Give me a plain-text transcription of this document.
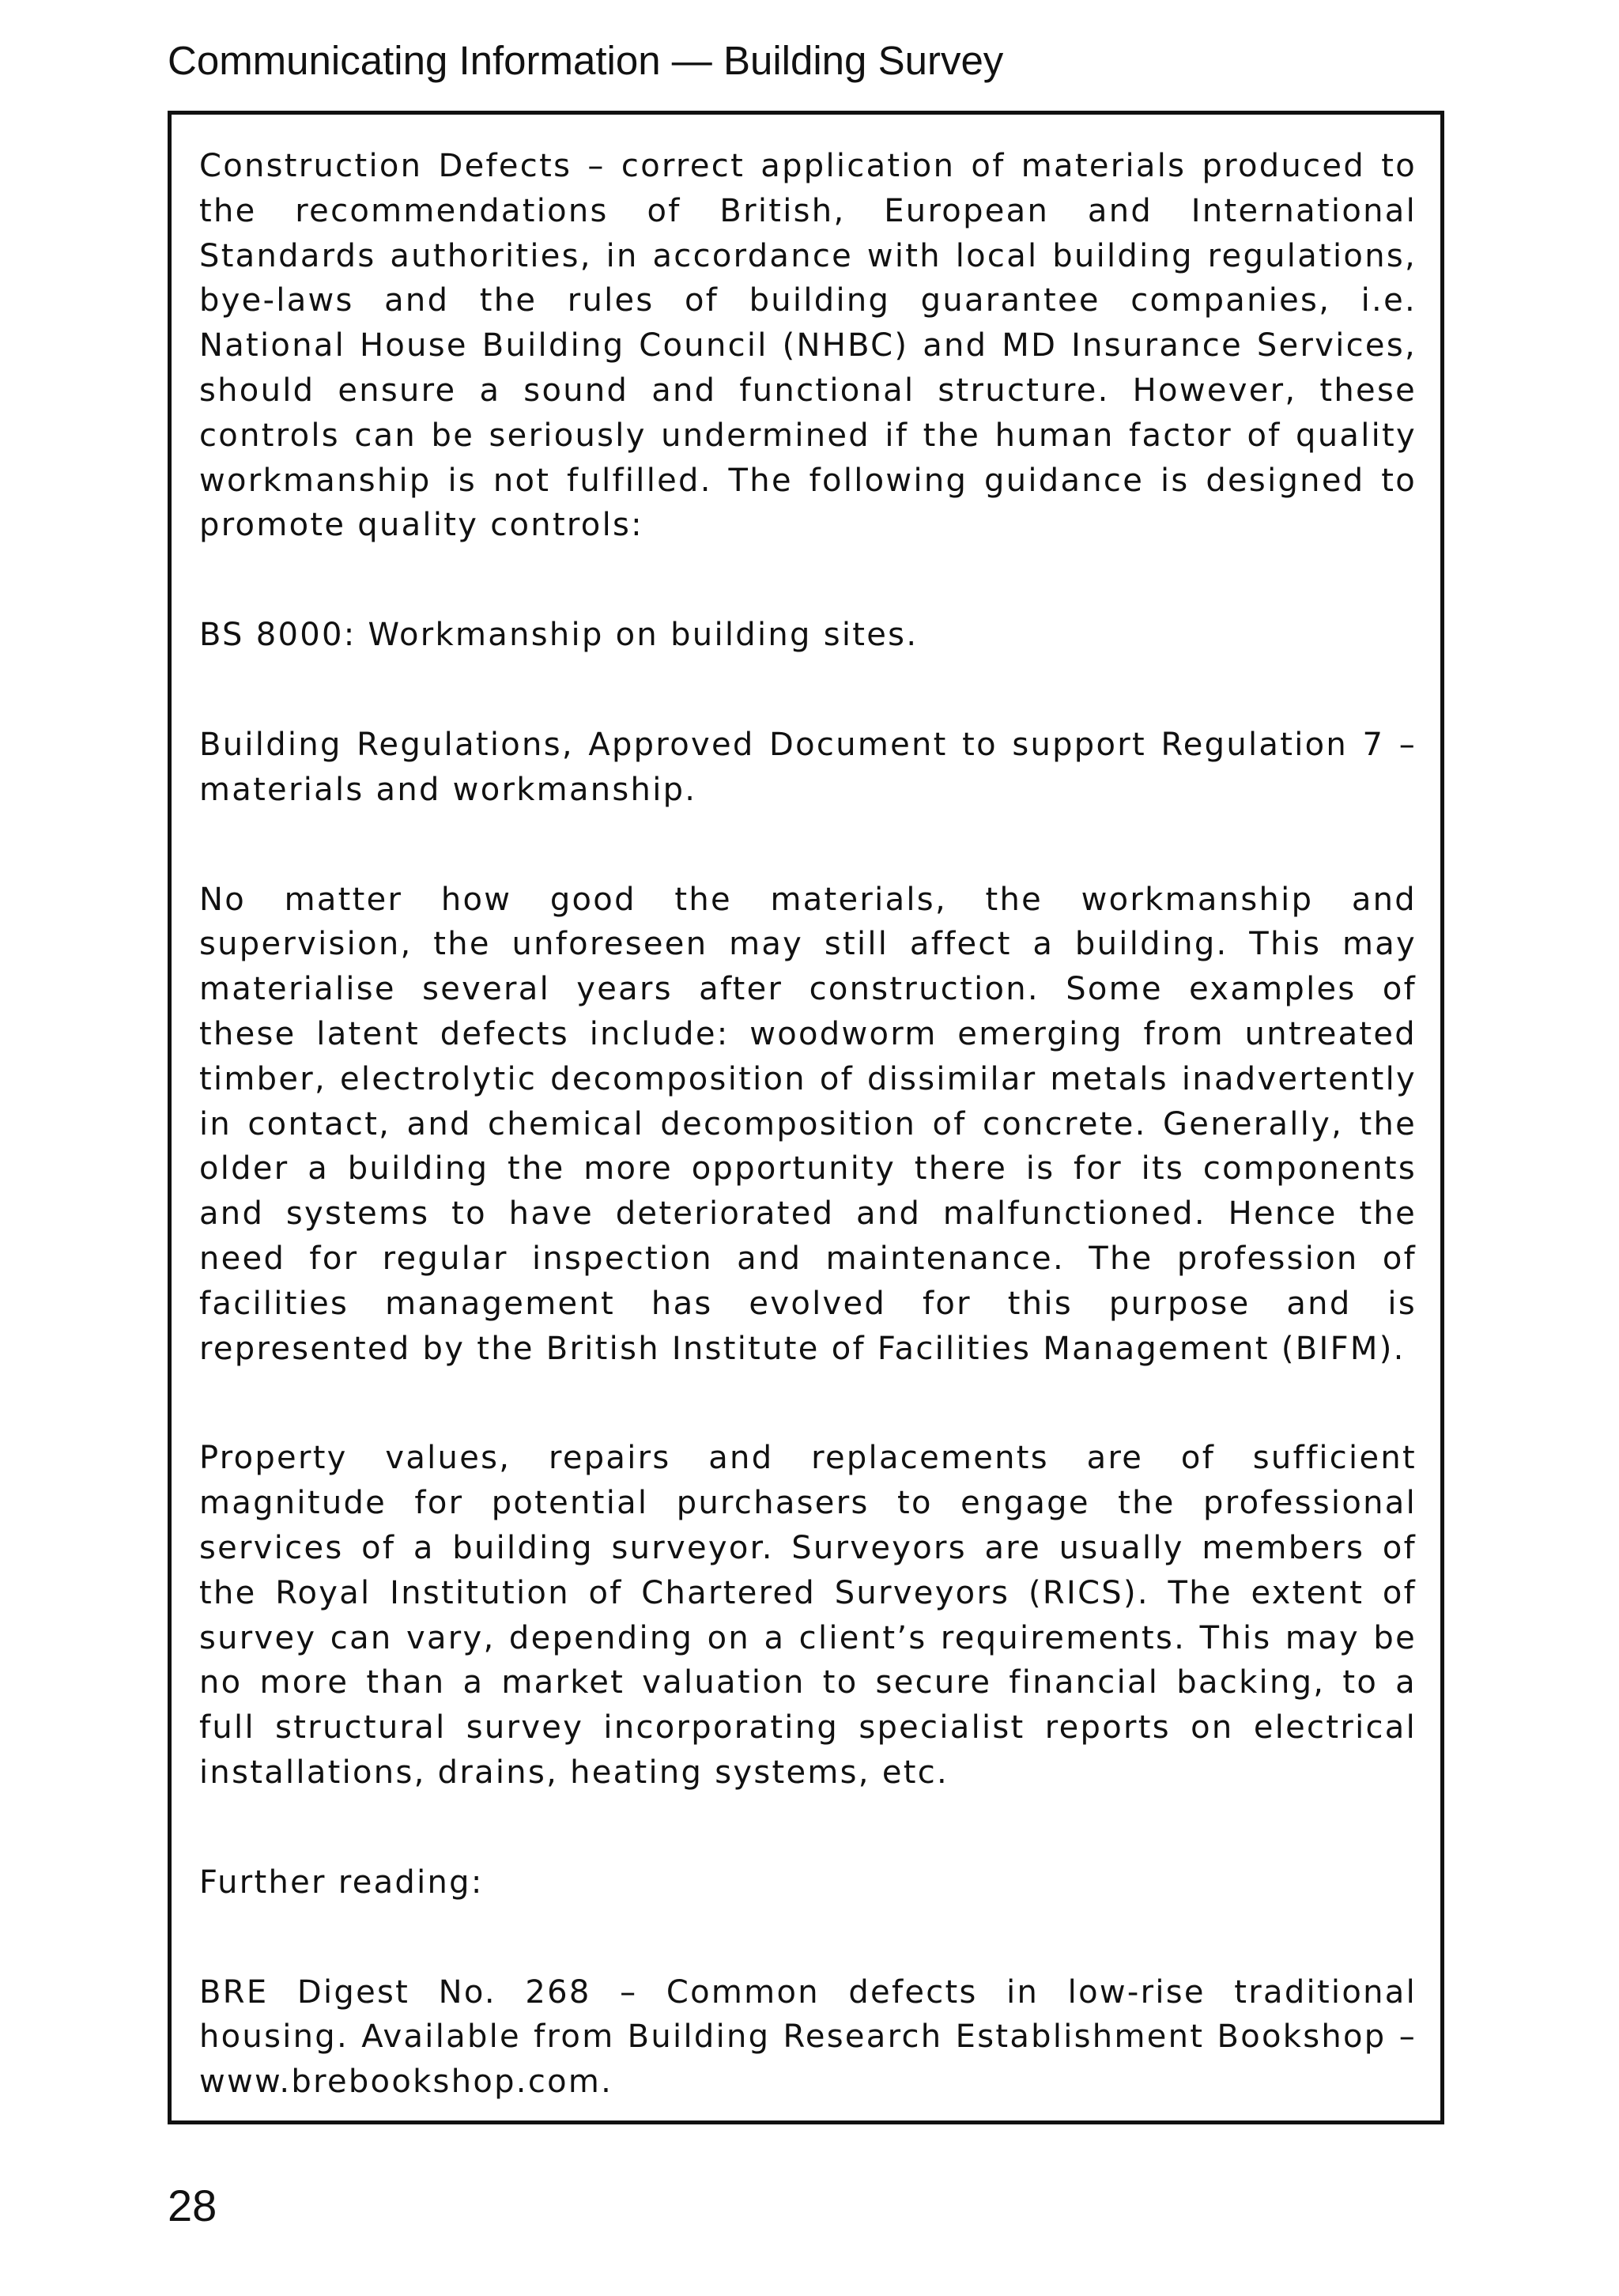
Communicating Information — Building Survey

Construction Defects – correct application of materials produced to the recommendations of British, European and International Standards authorities, in accordance with local building regulations, bye-laws and the rules of building guarantee companies, i.e. National House Building Council (NHBC) and MD Insurance Services, should ensure a sound and functional structure. However, these controls can be seriously undermined if the human factor of quality workmanship is not fulfilled. The following guidance is designed to promote quality controls:

BS 8000: Workmanship on building sites.

Building Regulations, Approved Document to support Regulation 7 – materials and workmanship.

No matter how good the materials, the workmanship and supervision, the unforeseen may still affect a building. This may materialise several years after construction. Some examples of these latent defects include: woodworm emerging from untreated timber, electrolytic decomposition of dissimilar metals inadvertently in contact, and chemical decomposition of concrete. Generally, the older a building the more opportunity there is for its components and systems to have deteriorated and malfunctioned. Hence the need for regular inspection and maintenance. The profession of facilities management has evolved for this purpose and is represented by the British Institute of Facilities Management (BIFM).

Property values, repairs and replacements are of sufficient magnitude for potential purchasers to engage the professional services of a building surveyor. Surveyors are usually members of the Royal Institution of Chartered Surveyors (RICS). The extent of survey can vary, depending on a client’s requirements. This may be no more than a market valuation to secure financial backing, to a full structural survey incorporating specialist reports on electrical installations, drains, heating systems, etc.

Further reading:

BRE Digest No. 268 – Common defects in low-rise traditional housing. Available from Building Research Establishment Bookshop – www.brebookshop.com.

28
